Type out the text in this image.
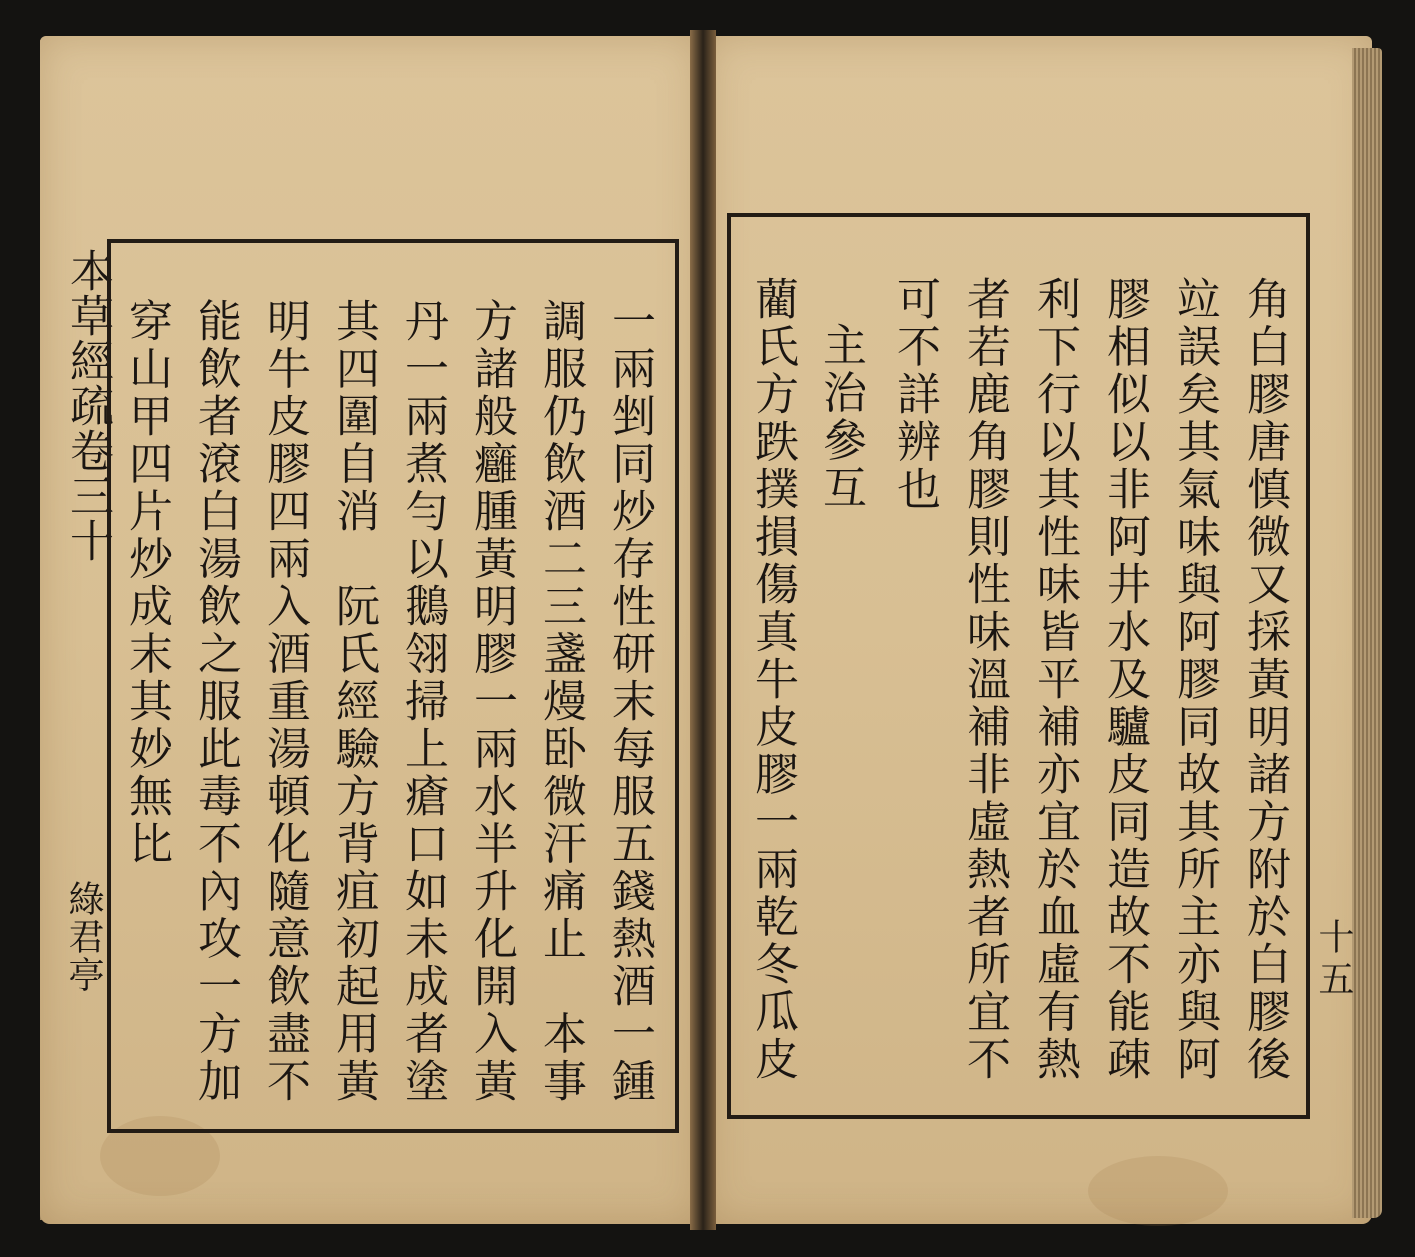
本草經疏卷三十
綠君亭	一兩剉同炒存性研末每服五錢熱酒一鍾
調服仍飲酒二三盞熳卧微汗痛止　本事
方諸般癰腫黃明膠一兩水半升化開入黃
丹一兩煮勻以鵝翎掃上瘡口如未成者塗
其四圍自消　阮氏經驗方背疽初起用黃
明牛皮膠四兩入酒重湯頓化隨意飲盡不
能飲者滾白湯飲之服此毒不內攻一方加
穿山甲四片炒成末其妙無比
十五
角白膠唐慎微又採黃明諸方附於白膠後
竝誤矣其氣味與阿膠同故其所主亦與阿
膠相似以非阿井水及驢皮同造故不能疎
利下行以其性味皆平補亦宜於血虛有熱
者若鹿角膠則性味溫補非虛熱者所宜不
可不詳辨也
主治參互
藺氏方跌撲損傷真牛皮膠一兩乾冬瓜皮
